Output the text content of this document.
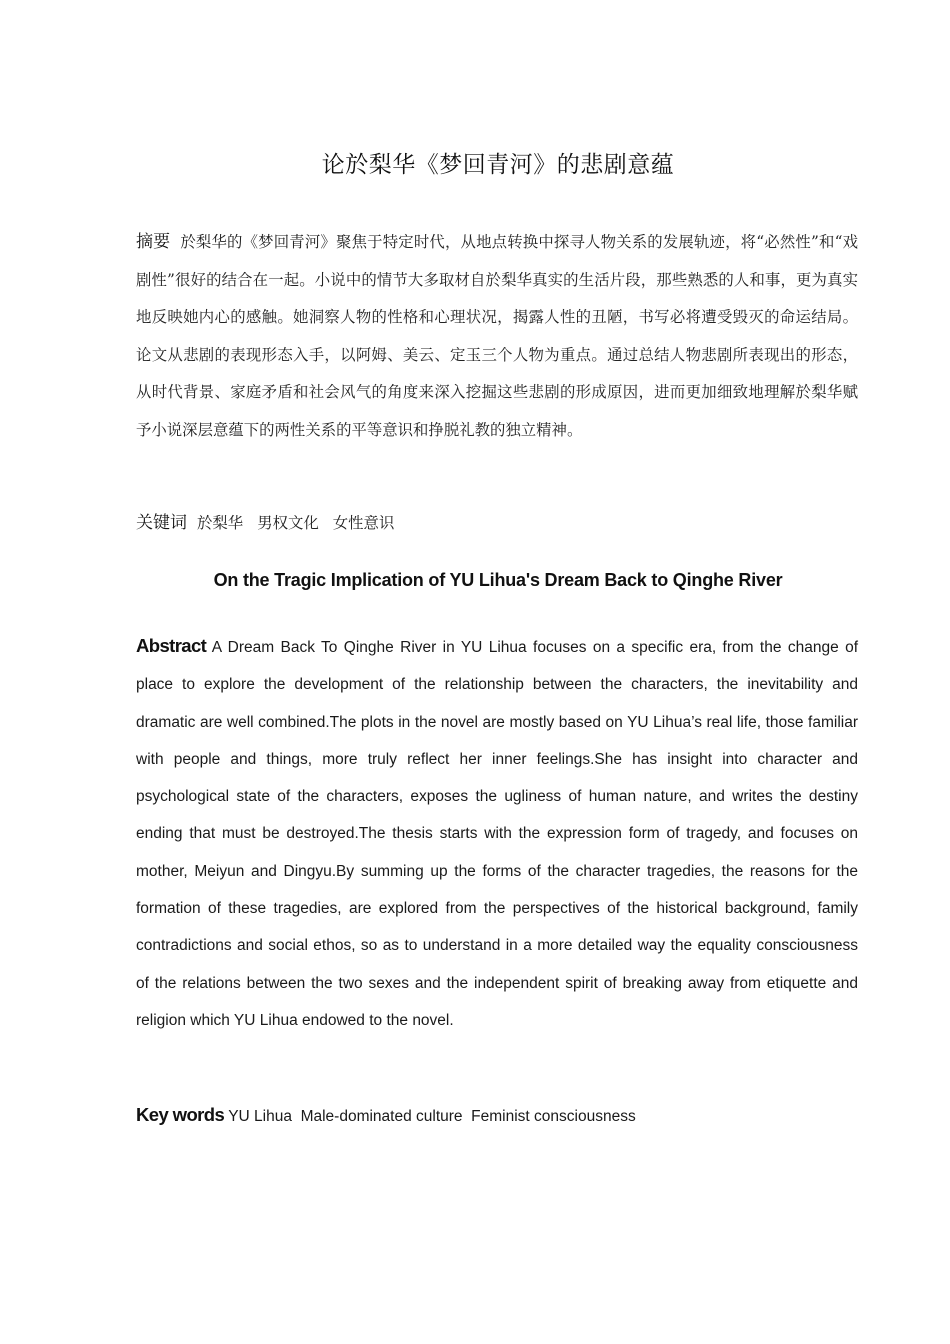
论於梨华《梦回青河》的悲剧意蕴
摘要 於梨华的《梦回青河》聚焦于特定时代，从地点转换中探寻人物关系的发展轨迹，将“必然性”和“戏剧性”很好的结合在一起。小说中的情节大多取材自於梨华真实的生活片段，那些熟悉的人和事，更为真实地反映她内心的感触。她洞察人物的性格和心理状况，揭露人性的丑陋，书写必将遭受毁灭的命运结局。论文从悲剧的表现形态入手，以阿姆、美云、定玉三个人物为重点。通过总结人物悲剧所表现出的形态，从时代背景、家庭矛盾和社会风气的角度来深入挖掘这些悲剧的形成原因，进而更加细致地理解於梨华赋予小说深层意蕴下的两性关系的平等意识和挣脱礼教的独立精神。
关键词 於梨华 男权文化 女性意识
On the Tragic Implication of YU Lihua's Dream Back to Qinghe River
Abstract A Dream Back To Qinghe River in YU Lihua focuses on a specific era, from the change of place to explore the development of the relationship between the characters, the inevitability and dramatic are well combined.The plots in the novel are mostly based on YU Lihua’s real life, those familiar with people and things, more truly reflect her inner feelings.She has insight into character and psychological state of the characters, exposes the ugliness of human nature, and writes the destiny ending that must be destroyed.The thesis starts with the expression form of tragedy, and focuses on mother, Meiyun and Dingyu.By summing up the forms of the character tragedies, the reasons for the formation of these tragedies, are explored from the perspectives of the historical background, family contradictions and social ethos, so as to understand in a more detailed way the equality consciousness of the relations between the two sexes and the independent spirit of breaking away from etiquette and religion which YU Lihua endowed to the novel.
Key words YU Lihua  Male-dominated culture  Feminist consciousness
